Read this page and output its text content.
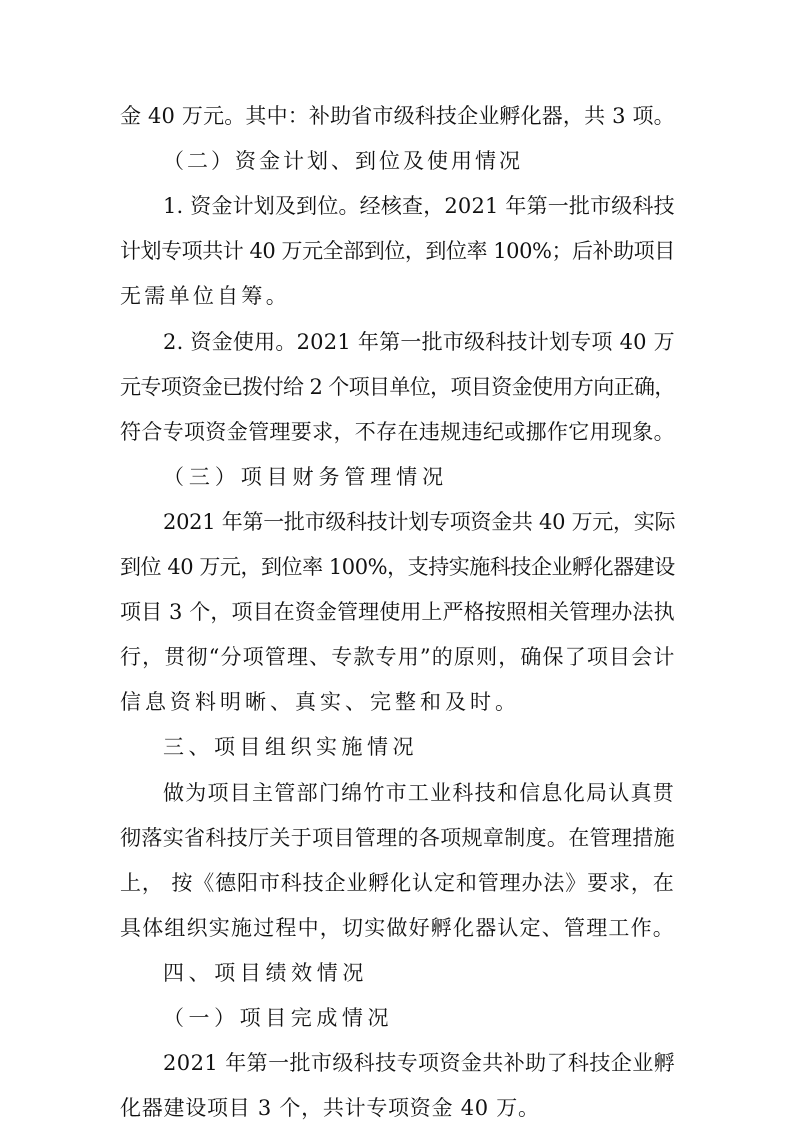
金 40 万元。其中：补助省市级科技企业孵化器，共 3 项。

（二）资金计划、到位及使用情况

1. 资金计划及到位。经核查，2021 年第一批市级科技

计划专项共计 40 万元全部到位，到位率 100%；后补助项目

无需单位自筹。

2. 资金使用。2021 年第一批市级科技计划专项 40 万

元专项资金已拨付给 2 个项目单位，项目资金使用方向正确，

符合专项资金管理要求，不存在违规违纪或挪作它用现象。

（三）项目财务管理情况

2021 年第一批市级科技计划专项资金共 40 万元，实际

到位 40 万元，到位率 100%，支持实施科技企业孵化器建设

项目 3 个，项目在资金管理使用上严格按照相关管理办法执

行，贯彻“分项管理、专款专用”的原则，确保了项目会计

信息资料明晰、真实、完整和及时。

三、项目组织实施情况

做为项目主管部门绵竹市工业科技和信息化局认真贯

彻落实省科技厅关于项目管理的各项规章制度。在管理措施

上， 按《德阳市科技企业孵化认定和管理办法》要求，在

具体组织实施过程中，切实做好孵化器认定、管理工作。

四、项目绩效情况

（一）项目完成情况

2021 年第一批市级科技专项资金共补助了科技企业孵

化器建设项目 3 个，共计专项资金 40 万。
